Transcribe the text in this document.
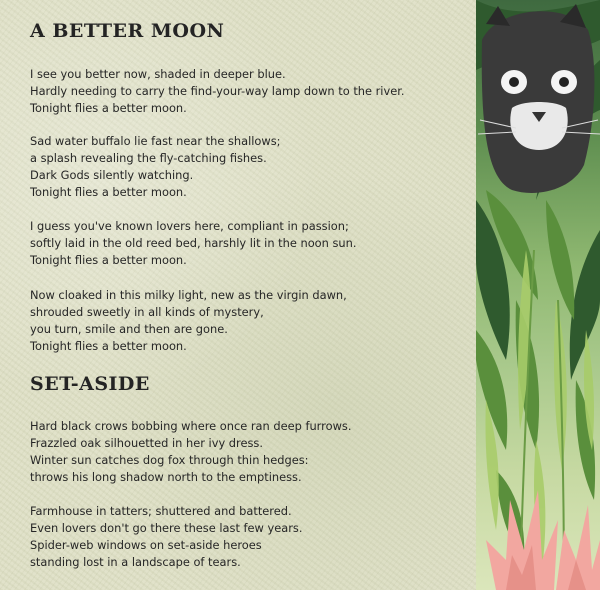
A BETTER MOON

I see you better now, shaded in deeper blue.
Hardly needing to carry the find-your-way lamp down to the river.
Tonight flies a better moon.

Sad water buffalo lie fast near the shallows;
a splash revealing the fly-catching fishes.
Dark Gods silently watching.
Tonight flies a better moon.

I guess you've known lovers here, compliant in passion;
softly laid in the old reed bed, harshly lit in the noon sun.
Tonight flies a better moon.

Now cloaked in this milky light, new as the virgin dawn,
shrouded sweetly in all kinds of mystery,
you turn, smile and then are gone.
Tonight flies a better moon.

SET-ASIDE

Hard black crows bobbing where once ran deep furrows.
Frazzled oak silhouetted in her ivy dress.
Winter sun catches dog fox through thin hedges:
throws his long shadow north to the emptiness.

Farmhouse in tatters; shuttered and battered.
Even lovers don't go there these last few years.
Spider-web windows on set-aside heroes
standing lost in a landscape of tears.
